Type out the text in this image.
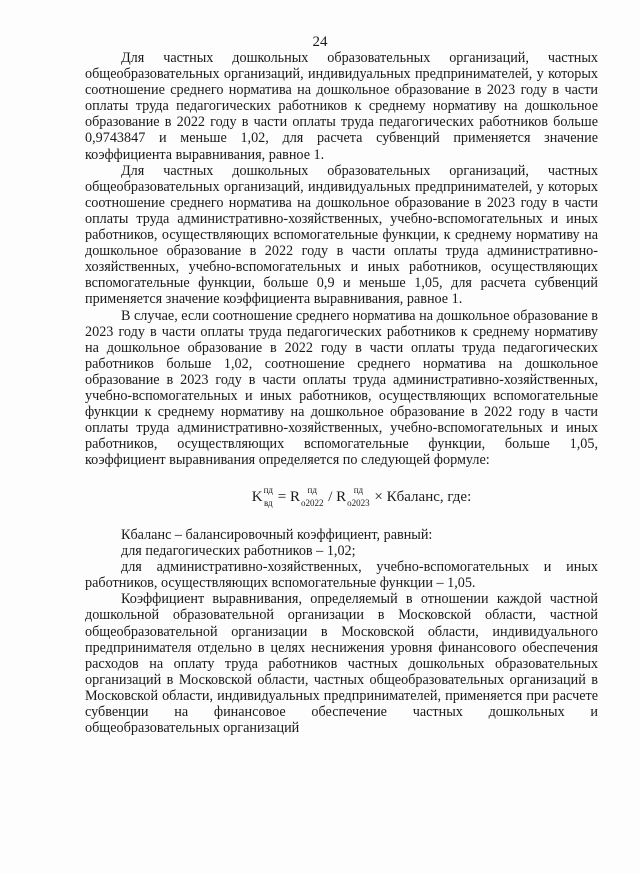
24

Для частных дошкольных образовательных организаций, частных общеобразовательных организаций, индивидуальных предпринимателей, у которых соотношение среднего норматива на дошкольное образование в 2023 году в части оплаты труда педагогических работников к среднему нормативу на дошкольное образование в 2022 году в части оплаты труда педагогических работников больше 0,9743847 и меньше 1,02, для расчета субвенций применяется значение коэффициента выравнивания, равное 1.

Для частных дошкольных образовательных организаций, частных общеобразовательных организаций, индивидуальных предпринимателей, у которых соотношение среднего норматива на дошкольное образование в 2023 году в части оплаты труда административно-хозяйственных, учебно-вспомогательных и иных работников, осуществляющих вспомогательные функции, к среднему нормативу на дошкольное образование в 2022 году в части оплаты труда административно-хозяйственных, учебно-вспомогательных и иных работников, осуществляющих вспомогательные функции, больше 0,9 и меньше 1,05, для расчета субвенций применяется значение коэффициента выравнивания, равное 1.

В случае, если соотношение среднего норматива на дошкольное образование в 2023 году в части оплаты труда педагогических работников к среднему нормативу на дошкольное образование в 2022 году в части оплаты труда педагогических работников больше 1,02, соотношение среднего норматива на дошкольное образование в 2023 году в части оплаты труда административно-хозяйственных, учебно-вспомогательных и иных работников, осуществляющих вспомогательные функции к среднему нормативу на дошкольное образование в 2022 году в части оплаты труда административно-хозяйственных, учебно-вспомогательных и иных работников, осуществляющих вспомогательные функции, больше 1,05, коэффициент выравнивания определяется по следующей формуле:

K пд
вд = R пд
о2022 / R пд
о2023 × Кбаланс, где:

Кбаланс – балансировочный коэффициент, равный:

для педагогических работников – 1,02;

для административно-хозяйственных, учебно-вспомогательных и иных работников, осуществляющих вспомогательные функции – 1,05.

Коэффициент выравнивания, определяемый в отношении каждой частной дошкольной образовательной организации в Московской области, частной общеобразовательной организации в Московской области, индивидуального предпринимателя отдельно в целях неснижения уровня финансового обеспечения расходов на оплату труда работников частных дошкольных образовательных организаций в Московской области, частных общеобразовательных организаций в Московской области, индивидуальных предпринимателей, применяется при расчете субвенции на финансовое обеспечение частных дошкольных и общеобразовательных организаций
